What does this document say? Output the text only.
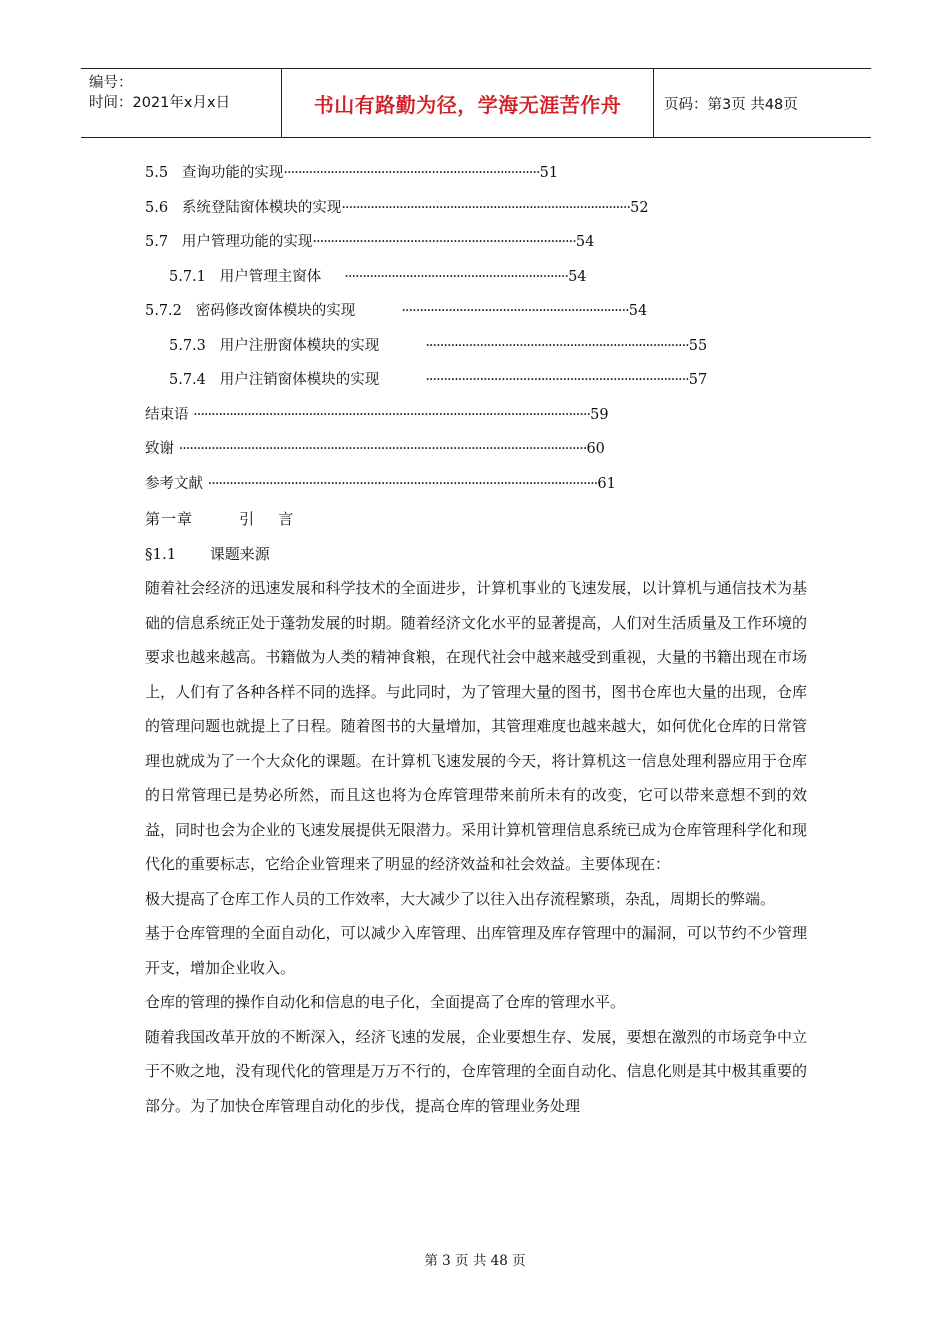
编号：
时间：2021年x月x日	书山有路勤为径，学海无涯苦作舟	页码：第3页 共48页
5.5 查询功能的实现·······································································51
5.6 系统登陆窗体模块的实现················································································52
5.7 用户管理功能的实现·········································································54
5.7.1 用户管理主窗体 ······························································54
5.7.2 密码修改窗体模块的实现	·······························································54
5.7.3 用户注册窗体模块的实现	·········································································55
5.7.4 用户注销窗体模块的实现	·········································································57
结束语 ··············································································································59
致谢 ·················································································································60
参考文献 ············································································································61
第一章        引    言
§1.1       课题来源

随着社会经济的迅速发展和科学技术的全面进步，计算机事业的飞速发展，以计算机与通信技术为基础的信息系统正处于蓬勃发展的时期。随着经济文化水平的显著提高，人们对生活质量及工作环境的要求也越来越高。书籍做为人类的精神食粮，在现代社会中越来越受到重视，大量的书籍出现在市场上，人们有了各种各样不同的选择。与此同时，为了管理大量的图书，图书仓库也大量的出现，仓库的管理问题也就提上了日程。随着图书的大量增加，其管理难度也越来越大，如何优化仓库的日常管理也就成为了一个大众化的课题。在计算机飞速发展的今天，将计算机这一信息处理利器应用于仓库的日常管理已是势必所然，而且这也将为仓库管理带来前所未有的改变，它可以带来意想不到的效益，同时也会为企业的飞速发展提供无限潜力。采用计算机管理信息系统已成为仓库管理科学化和现代化的重要标志，它给企业管理来了明显的经济效益和社会效益。主要体现在：

极大提高了仓库工作人员的工作效率，大大减少了以往入出存流程繁琐，杂乱，周期长的弊端。

基于仓库管理的全面自动化，可以减少入库管理、出库管理及库存管理中的漏洞，可以节约不少管理开支，增加企业收入。

仓库的管理的操作自动化和信息的电子化，全面提高了仓库的管理水平。

随着我国改革开放的不断深入，经济飞速的发展，企业要想生存、发展，要想在激烈的市场竞争中立于不败之地，没有现代化的管理是万万不行的，仓库管理的全面自动化、信息化则是其中极其重要的部分。为了加快仓库管理自动化的步伐，提高仓库的管理业务处理

第 3 页 共 48 页
